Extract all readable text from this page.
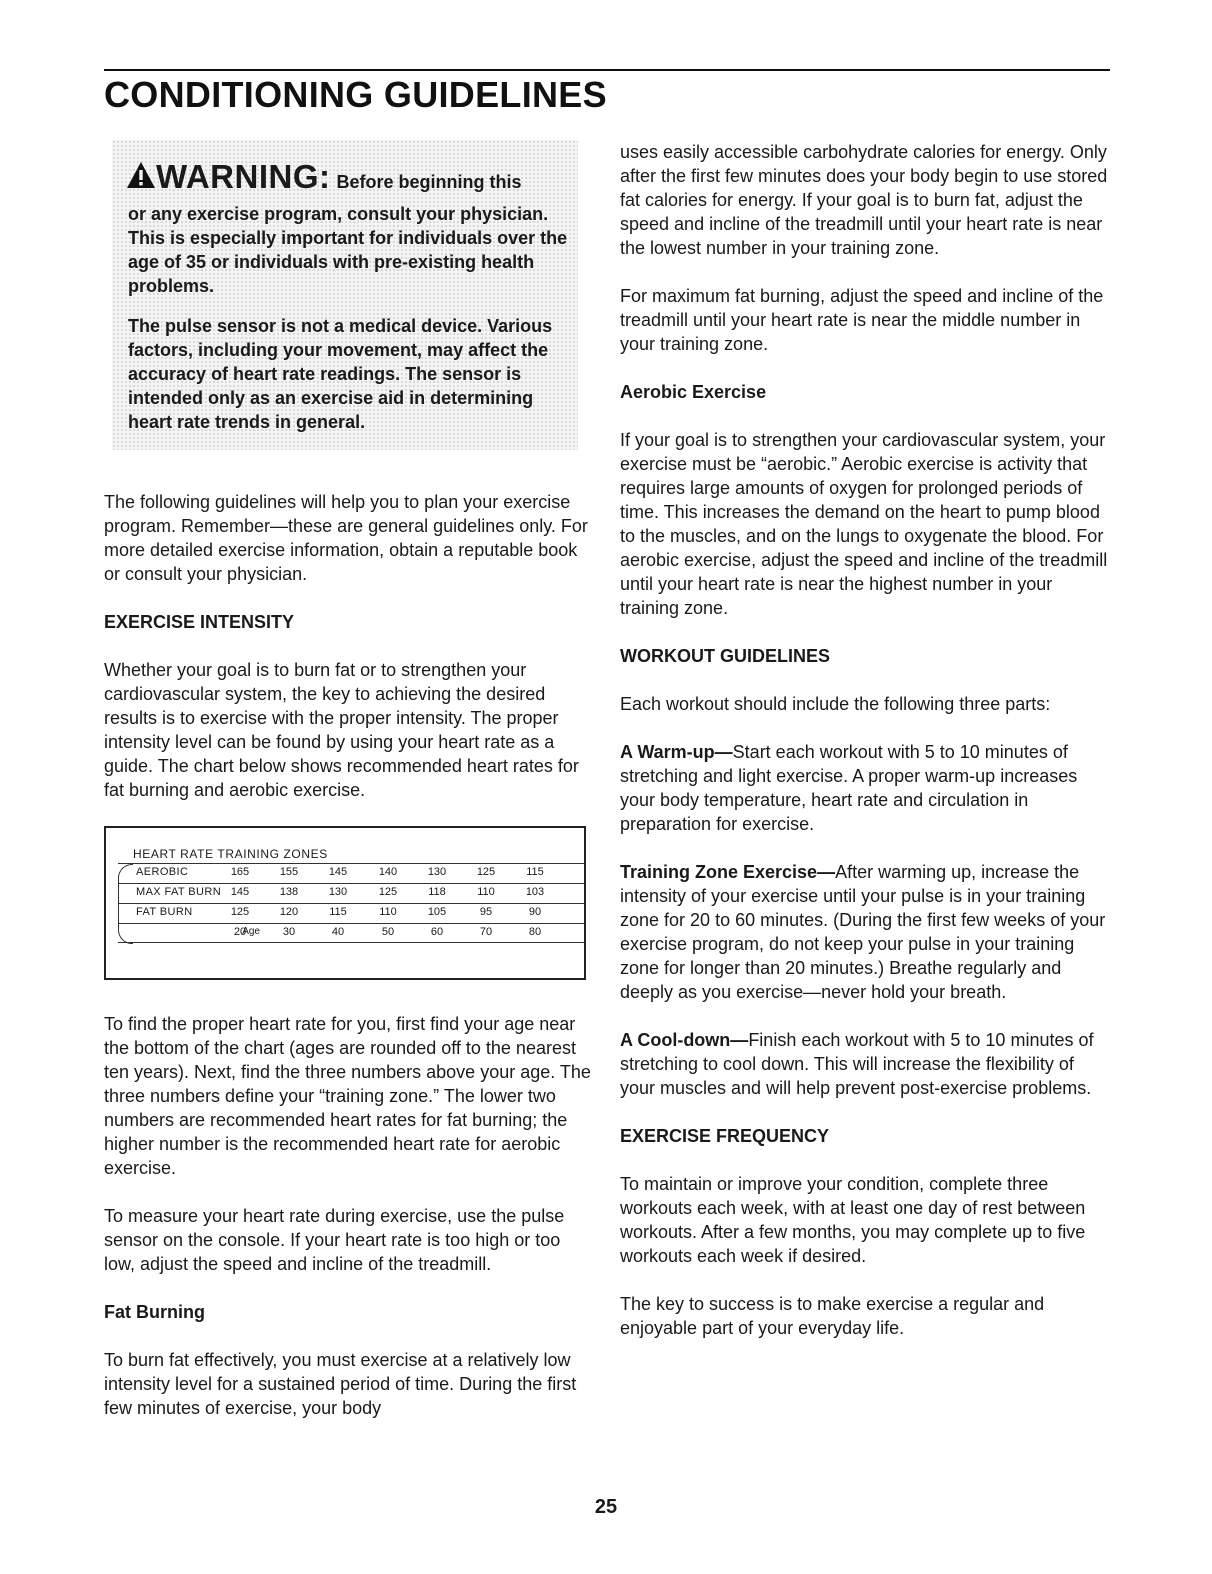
CONDITIONING GUIDELINES
WARNING: Before beginning this
or any exercise program, consult your physician. This is especially important for individuals over the age of 35 or individuals with pre-existing health problems.
The pulse sensor is not a medical device. Various factors, including your movement, may affect the accuracy of heart rate readings. The sensor is intended only as an exercise aid in determining heart rate trends in general.

The following guidelines will help you to plan your exercise program. Remember—these are general guidelines only. For more detailed exercise information, obtain a reputable book or consult your physician.

EXERCISE INTENSITY

Whether your goal is to burn fat or to strengthen your cardiovascular system, the key to achieving the desired results is to exercise with the proper intensity. The proper intensity level can be found by using your heart rate as a guide. The chart below shows recommended heart rates for fat burning and aerobic exercise.

HEART RATE TRAINING ZONES
AEROBIC	165	155	145	140	130	125	115
MAX FAT BURN 145	138	130	125	118	110	103
FAT BURN	125	120	115	110	105	95	90
Age
20	30	40	50	60	70	80

To find the proper heart rate for you, first find your age near the bottom of the chart (ages are rounded off to the nearest ten years). Next, find the three numbers above your age. The three numbers define your “training zone.” The lower two numbers are recommended heart rates for fat burning; the higher number is the recommended heart rate for aerobic exercise.

To measure your heart rate during exercise, use the pulse sensor on the console. If your heart rate is too high or too low, adjust the speed and incline of the treadmill.

Fat Burning

To burn fat effectively, you must exercise at a relatively low intensity level for a sustained period of time. During the first few minutes of exercise, your body

uses easily accessible carbohydrate calories for energy. Only after the first few minutes does your body begin to use stored fat calories for energy. If your goal is to burn fat, adjust the speed and incline of the treadmill until your heart rate is near the lowest number in your training zone.

For maximum fat burning, adjust the speed and incline of the treadmill until your heart rate is near the middle number in your training zone.

Aerobic Exercise

If your goal is to strengthen your cardiovascular system, your exercise must be “aerobic.” Aerobic exercise is activity that requires large amounts of oxygen for prolonged periods of time. This increases the demand on the heart to pump blood to the muscles, and on the lungs to oxygenate the blood. For aerobic exercise, adjust the speed and incline of the treadmill until your heart rate is near the highest number in your training zone.

WORKOUT GUIDELINES

Each workout should include the following three parts:

A Warm-up—Start each workout with 5 to 10 minutes of stretching and light exercise. A proper warm-up increases your body temperature, heart rate and circulation in preparation for exercise.

Training Zone Exercise—After warming up, increase the intensity of your exercise until your pulse is in your training zone for 20 to 60 minutes. (During the first few weeks of your exercise program, do not keep your pulse in your training zone for longer than 20 minutes.) Breathe regularly and deeply as you exercise—never hold your breath.

A Cool-down—Finish each workout with 5 to 10 minutes of stretching to cool down. This will increase the flexibility of your muscles and will help prevent post-exercise problems.

EXERCISE FREQUENCY

To maintain or improve your condition, complete three workouts each week, with at least one day of rest between workouts. After a few months, you may complete up to five workouts each week if desired.

The key to success is to make exercise a regular and enjoyable part of your everyday life.

25
